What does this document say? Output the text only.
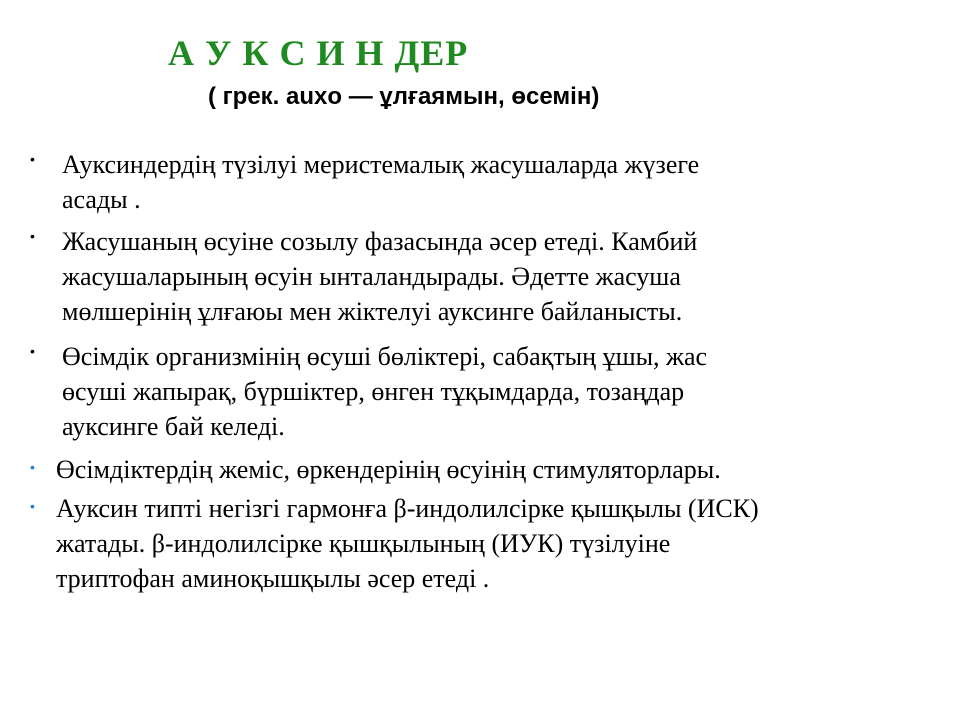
А У К С И Н ДЕР
( грек. auxo — ұлғаямын, өсемін)
• Ауксиндердің түзілуі меристемалық жасушаларда жүзеге
асады .
• Жасушаның өсуіне созылу фазасында әсер етеді. Камбий
жасушаларының өсуін ынталандырады. Әдетте жасуша
мөлшерінің ұлғаюы мен жіктелуі ауксинге байланысты.
• Өсімдік организмінің өсуші бөліктері, сабақтың ұшы, жас
өсуші жапырақ, бүршіктер, өнген тұқымдарда, тозаңдар
ауксинге бай келеді.
• Өсімдіктердің жеміс, өркендерінің өсуінің стимуляторлары.
• Ауксин типті негізгі гармонға β-индолилсірке қышқылы (ИСК)
жатады. β-индолилсірке қышқылының (ИУК) түзілуіне
триптофан аминоқышқылы әсер етеді .
